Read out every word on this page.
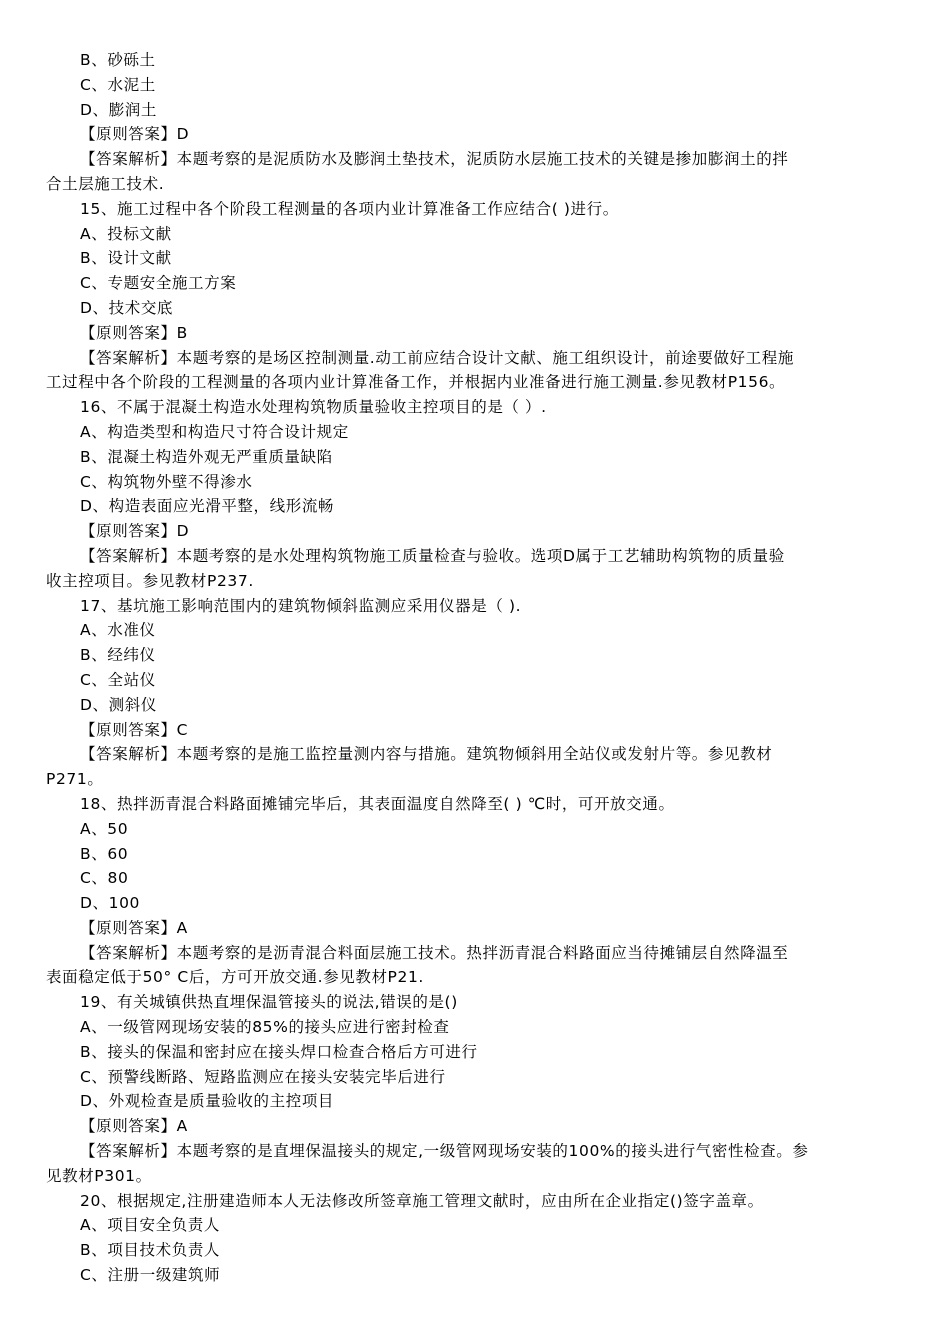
B、砂砾土
C、水泥土
D、膨润土
【原则答案】D
【答案解析】本题考察的是泥质防水及膨润土垫技术，泥质防水层施工技术的关键是掺加膨润土的拌
合土层施工技术.
15、施工过程中各个阶段工程测量的各项内业计算准备工作应结合( )进行。
A、投标文献
B、设计文献
C、专题安全施工方案
D、技术交底
【原则答案】B
【答案解析】本题考察的是场区控制测量.动工前应结合设计文献、施工组织设计，前途要做好工程施
工过程中各个阶段的工程测量的各项内业计算准备工作，并根据内业准备进行施工测量.参见教材P156。
16、不属于混凝土构造水处理构筑物质量验收主控项目的是（ ）.
A、构造类型和构造尺寸符合设计规定
B、混凝土构造外观无严重质量缺陷
C、构筑物外壁不得渗水
D、构造表面应光滑平整，线形流畅
【原则答案】D
【答案解析】本题考察的是水处理构筑物施工质量检查与验收。选项D属于工艺辅助构筑物的质量验
收主控项目。参见教材P237.
17、基坑施工影响范围内的建筑物倾斜监测应采用仪器是（ ).
A、水准仪
B、经纬仪
C、全站仪
D、测斜仪
【原则答案】C
【答案解析】本题考察的是施工监控量测内容与措施。建筑物倾斜用全站仪或发射片等。参见教材
P271。
18、热拌沥青混合料路面摊铺完毕后，其表面温度自然降至( ) ℃时，可开放交通。
A、50
B、60
C、80
D、100
【原则答案】A
【答案解析】本题考察的是沥青混合料面层施工技术。热拌沥青混合料路面应当待摊铺层自然降温至
表面稳定低于50° C后，方可开放交通.参见教材P21.
19、有关城镇供热直埋保温管接头的说法,错误的是()
A、一级管网现场安装的85%的接头应进行密封检查
B、接头的保温和密封应在接头焊口检查合格后方可进行
C、预警线断路、短路监测应在接头安装完毕后进行
D、外观检查是质量验收的主控项目
【原则答案】A
【答案解析】本题考察的是直埋保温接头的规定,一级管网现场安装的100%的接头进行气密性检查。参
见教材P301。
20、根据规定,注册建造师本人无法修改所签章施工管理文献时，应由所在企业指定()签字盖章。
A、项目安全负责人
B、项目技术负责人
C、注册一级建筑师
